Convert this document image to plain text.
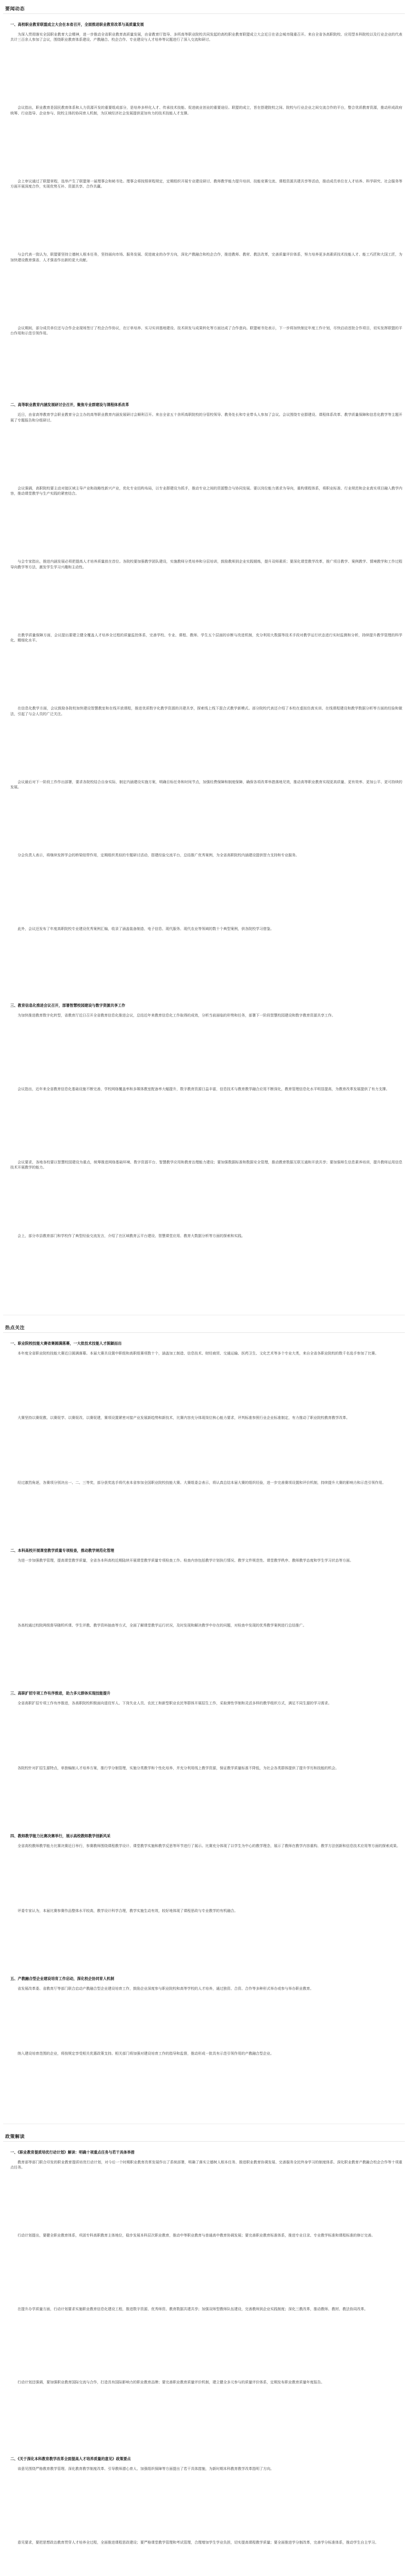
要闻动态
一、高校职业教育联盟成立大会在本省召开，全面推进职业教育改革与高质量发展
为深入贯彻落实全国职业教育大会精神，进一步推动全省职业教育高质量发展，由省教育厅指导、多所高等职业院校共同发起的高校职业教育联盟成立大会近日在省会城市隆重召开。来自全省各高职院校、应用型本科院校以及行业企业的代表共计三百余人参加了会议，围绕职业教育体系建设、产教融合、校企合作、专业建设与人才培养等议题进行了深入交流和研讨。
会议指出，职业教育是国民教育体系和人力资源开发的重要组成部分，是培养多样化人才、传承技术技能、促进就业创业的重要途径。联盟的成立，旨在搭建院校之间、院校与行业企业之间交流合作的平台，整合优质教育资源，推动形成政府统筹、行业指导、企业参与、院校主体的协同育人机制，为区域经济社会发展提供更加有力的技术技能人才支撑。
会上审议通过了联盟章程，选举产生了联盟第一届理事会和秘书处。理事会将按照章程规定，定期组织开展专业建设研讨、教师教学能力提升培训、技能竞赛交流、课程资源共建共享等活动，推动成员单位在人才培养、科学研究、社会服务等方面开展深度合作，实现优势互补、资源共享、合作共赢。
与会代表一致认为，联盟要坚持立德树人根本任务，坚持面向市场、服务发展、促进就业的办学方向，深化产教融合和校企合作，推进教师、教材、教法改革，完善质量评价体系，努力培养更多高素质技术技能人才、能工巧匠和大国工匠，为加快建设教育强省、人才强省作出新的更大贡献。
会议期间，部分成员单位还与合作企业现场签订了校企合作协议，在订单培养、实习实训基地建设、技术研发与成果转化等方面达成了合作意向。联盟秘书处表示，下一步将加快制定年度工作计划，尽快启动首批合作项目，切实发挥联盟的平台作用和示范引领作用。
二、高等职业教育内涵发展研讨会召开，聚焦专业群建设与课程体系改革
近日，由省高等教育学会职业教育分会主办的高等职业教育内涵发展研讨会顺利召开。来自全省五十余所高职院校的分管校领导、教务处长和专业带头人参加了会议。会议围绕专业群建设、课程体系改革、教学质量保障和信息化教学等主题开展了专题报告和分组研讨。
会议强调，高职院校要主动对接区域主导产业和战略性新兴产业，优化专业结构布局，以专业群建设为抓手，推动专业之间的资源整合与协同发展。要以岗位能力需求为导向，重构课程体系，将职业标准、行业规范和企业真实项目融入教学内容，推动课堂教学与生产实践的紧密结合。
与会专家指出，推进内涵发展必须把提高人才培养质量放在首位。各院校要加强教学团队建设，实施教师分类培养和分层培训，鼓励教师到企业实践锻炼，提升双师素质；要深化课堂教学改革，推广项目教学、案例教学、情境教学和工作过程导向教学等方法，激发学生学习兴趣和主动性。
在教学质量保障方面，会议提出要建立健全覆盖人才培养全过程的质量监控体系，完善学校、专业、课程、教师、学生五个层面的诊断与改进机制，充分利用大数据等技术手段对教学运行状态进行实时监测和分析，持续提升教学管理的科学化、精细化水平。
在信息化教学方面，会议鼓励各院校加快建设智慧教室和在线开放课程，推进优质数字化教学资源的共建共享，探索线上线下混合式教学新模式。部分院校代表还介绍了本校在虚拟仿真实训、在线课程建设和教学数据分析等方面的经验和做法，引起了与会人员的广泛关注。
会议最后对下一阶段工作作出部署，要求各院校结合自身实际，制定内涵建设实施方案，明确目标任务和时间节点，加强经费保障和制度保障，确保各项改革举措落地见效，推动高等职业教育实现更高质量、更有效率、更加公平、更可持续的发展。
分会负责人表示，将继续发挥学会的桥梁纽带作用，定期组织类似的专题研讨活动，搭建经验交流平台，总结推广优秀案例，为全省高职院校内涵建设提供智力支持和专业服务。
此外，会议还发布了年度高职院校专业建设优秀案例汇编，收录了涵盖装备制造、电子信息、现代服务、现代农业等领域的数十个典型案例，供各院校学习借鉴。
三、教育信息化推进会议召开，部署智慧校园建设与数字资源共享工作
为加快推进教育数字化转型，省教育厅近日召开全省教育信息化推进会议，总结近年来教育信息化工作取得的成效，分析当前面临的形势和任务，部署下一阶段智慧校园建设和数字教育资源共享工作。
会议指出，近年来全省教育信息化基础设施不断完善，学校网络覆盖率和多媒体教室配备率大幅提升，数字教育资源日益丰富，信息技术与教育教学融合应用不断深化，教育管理信息化水平明显提高，为教育改革发展提供了有力支撑。
会议要求，各地各校要以智慧校园建设为重点，统筹推进网络基础环境、数字资源平台、智慧教学应用和教育治理能力建设；要加强数据标准和数据安全管理，推动教育数据互联互通和开放共享；要加强师生信息素养培训，提升教师运用信息技术开展教学的能力。
会上，部分市县教育部门和学校作了典型经验交流发言，介绍了在区域教育云平台建设、智慧课堂应用、教育大数据分析等方面的探索和实践。
热点关注
一、职业院校技能大赛省赛圆满落幕，一大批技术技能人才脱颖而出
本年度全省职业院校技能大赛近日圆满落幕。本届大赛共设置中职组和高职组赛项数十个，涵盖加工制造、信息技术、财经商贸、交通运输、医药卫生、文化艺术等多个专业大类，来自全省各职业院校的数千名选手参加了比赛。
大赛坚持以赛促教、以赛促学、以赛促改、以赛促建，赛项设置紧密对接产业发展新趋势和新技术，比赛内容充分体现岗位核心能力要求，评判标准参照行业企业标准制定，有力推动了职业院校教育教学改革。
经过激烈角逐，各赛项分别决出一、二、三等奖，部分获奖选手将代表本省参加全国职业院校技能大赛。大赛组委会表示，将认真总结本届大赛的组织经验，进一步完善赛项设置和评价机制，持续提升大赛的影响力和示范引领作用。
二、本科高校开展课堂教学质量专项检查，推动教学规范化管理
为进一步加强教学管理，提高课堂教学质量，全省各本科高校近期陆续开展课堂教学质量专项检查工作。检查内容包括教学计划执行情况、教学文件规范性、课堂教学秩序、教师教学态度和学生学习状态等方面。
各高校通过校院两级督导随机听课、学生评教、教学资料抽查等方式，全面了解课堂教学运行状况，及时发现和解决教学中存在的问题，对检查中发现的优秀教学案例进行总结推广。
三、高职扩招专项工作有序推进，助力多元群体实现技能提升
全省高职扩招专项工作有序推进，各高职院校积极面向退役军人、下岗失业人员、农民工和新型职业农民等群体开展招生工作，采取弹性学制和灵活多样的教学组织方式，满足不同生源的学习需求。
各院校针对扩招生源特点，单独编制人才培养方案，推行学分制管理，实施分类教学和个性化培养，并充分利用线上教学资源，保证教学质量标准不降低，为社会各类群体提供了提升学历和技能的机会。
四、教师教学能力比赛决赛举行，展示高校教师教学创新风采
全省高校教师教学能力比赛决赛近日举行，参赛教师围绕课程教学设计、课堂教学实施和教学反思等环节进行了展示。比赛充分体现了以学生为中心的教学理念，展示了教师在教学内容重构、教学方法创新和信息技术应用等方面的探索成果。
评委专家认为，本届比赛参赛作品整体水平较高，教学设计科学合理，教学实施生动有效，较好地体现了课程思政与专业教学的有机融合。
五、产教融合型企业建设培育工作启动，深化校企协同育人机制
省发展改革委、省教育厅等部门联合启动产教融合型企业建设培育工作，鼓励企业深度参与职业院校和高等学校的人才培养，通过独资、合资、合作等多种形式举办或参与举办职业教育。
纳入建设培育范围的企业，将按规定享受相关优惠政策支持。相关部门将加强对建设培育工作的指导和监督，推动形成一批具有示范引领作用的产教融合型企业。
政策解读
一、《职业教育提质培优行动计划》解读：明确十项重点任务与若干具体举措
教育部等部门联合印发的职业教育提质培优行动计划，对今后一个时期职业教育改革发展作出了系统部署，明确了落实立德树人根本任务、推进职业教育协调发展、完善服务全民终身学习的制度体系、深化职业教育产教融合校企合作等十项重点任务。
行动计划提出，要健全职业教育体系，巩固专科高职教育主体地位，稳步发展本科层次职业教育，推动中等职业教育与普通高中教育协调发展；要完善职业教育标准体系，推进专业目录、专业教学标准和课程标准的修订完善。
在提升办学质量方面，行动计划要求实施职业教育信息化建设工程，推进数字资源、优秀师资、教育数据共建共享；加强双师型教师队伍建设，完善教师到企业实践制度；深化三教改革，推动教师、教材、教法协同改革。
行动计划还强调，要加强职业教育国际交流与合作，打造具有国际影响力的职业教育品牌；要完善职业教育质量评价机制，建立健全多元参与的质量评价体系，定期发布职业教育质量年度报告。
二、《关于深化本科教育教学改革全面提高人才培养质量的意见》政策要点
该意见围绕严格教育教学管理、深化教育教学制度改革、引导教师潜心育人、加强组织保障等方面提出了若干具体措施，为新时期本科教育教学改革指明了方向。
意见要求，要把思想政治教育贯穿人才培养全过程，全面推进课程思政建设；要严格课堂教学管理和考试管理，合理增加学生学业负担，切实提高课程教学质量；要全面推进学分制改革，完善学分标准体系，推动学生自主学习。
